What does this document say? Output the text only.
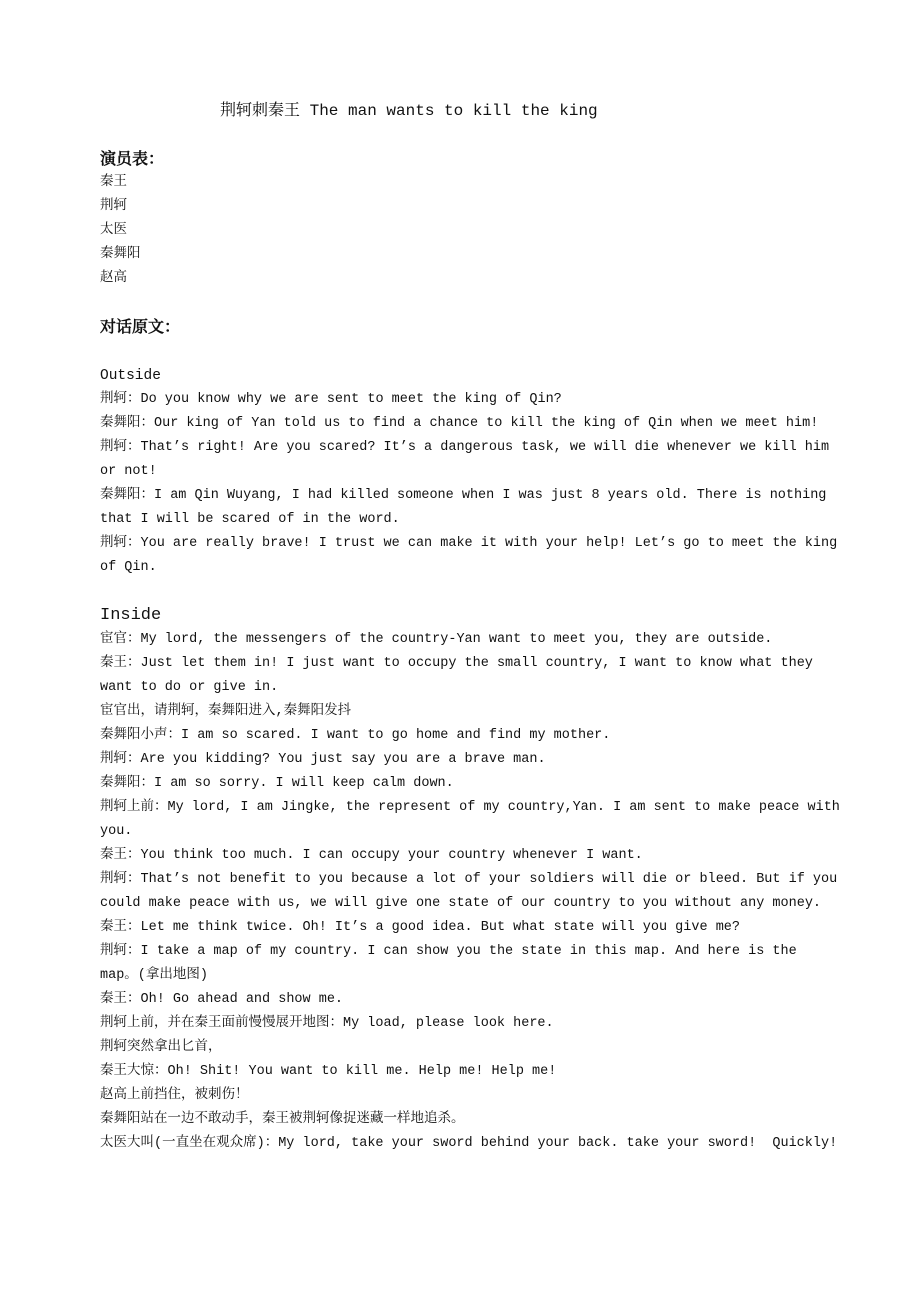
荆轲刺秦王 The man wants to kill the king
演员表：
秦王
荆轲
太医
秦舞阳
赵高
对话原文：
Outside
荆轲：Do you know why we are sent to meet the king of Qin?
秦舞阳：Our king of Yan told us to find a chance to kill the king of Qin when we meet him!
荆轲：That’s right! Are you scared? It’s a dangerous task, we will die whenever we kill him
or not!
秦舞阳：I am Qin Wuyang, I had killed someone when I was just 8 years old. There is nothing
that I will be scared of in the word.
荆轲：You are really brave! I trust we can make it with your help! Let’s go to meet the king
of Qin.
Inside
宦官：My lord, the messengers of the country-Yan want to meet you, they are outside.
秦王：Just let them in! I just want to occupy the small country, I want to know what they
want to do or give in.
宦官出，请荆轲，秦舞阳进入,秦舞阳发抖
秦舞阳小声：I am so scared. I want to go home and find my mother.
荆轲：Are you kidding? You just say you are a brave man.
秦舞阳：I am so sorry. I will keep calm down.
荆轲上前：My lord, I am Jingke, the represent of my country,Yan. I am sent to make peace with
you.
秦王：You think too much. I can occupy your country whenever I want.
荆轲：That’s not benefit to you because a lot of your soldiers will die or bleed. But if you
could make peace with us, we will give one state of our country to you without any money.
秦王：Let me think twice. Oh! It’s a good idea. But what state will you give me?
荆轲：I take a map of my country. I can show you the state in this map. And here is the
map。(拿出地图)
秦王：Oh! Go ahead and show me.
荆轲上前，并在秦王面前慢慢展开地图：My load, please look here.
荆轲突然拿出匕首，
秦王大惊：Oh! Shit! You want to kill me. Help me! Help me!
赵高上前挡住，被刺伤！
秦舞阳站在一边不敢动手，秦王被荆轲像捉迷藏一样地追杀。
太医大叫(一直坐在观众席)：My lord, take your sword behind your back. take your sword!  Quickly!
